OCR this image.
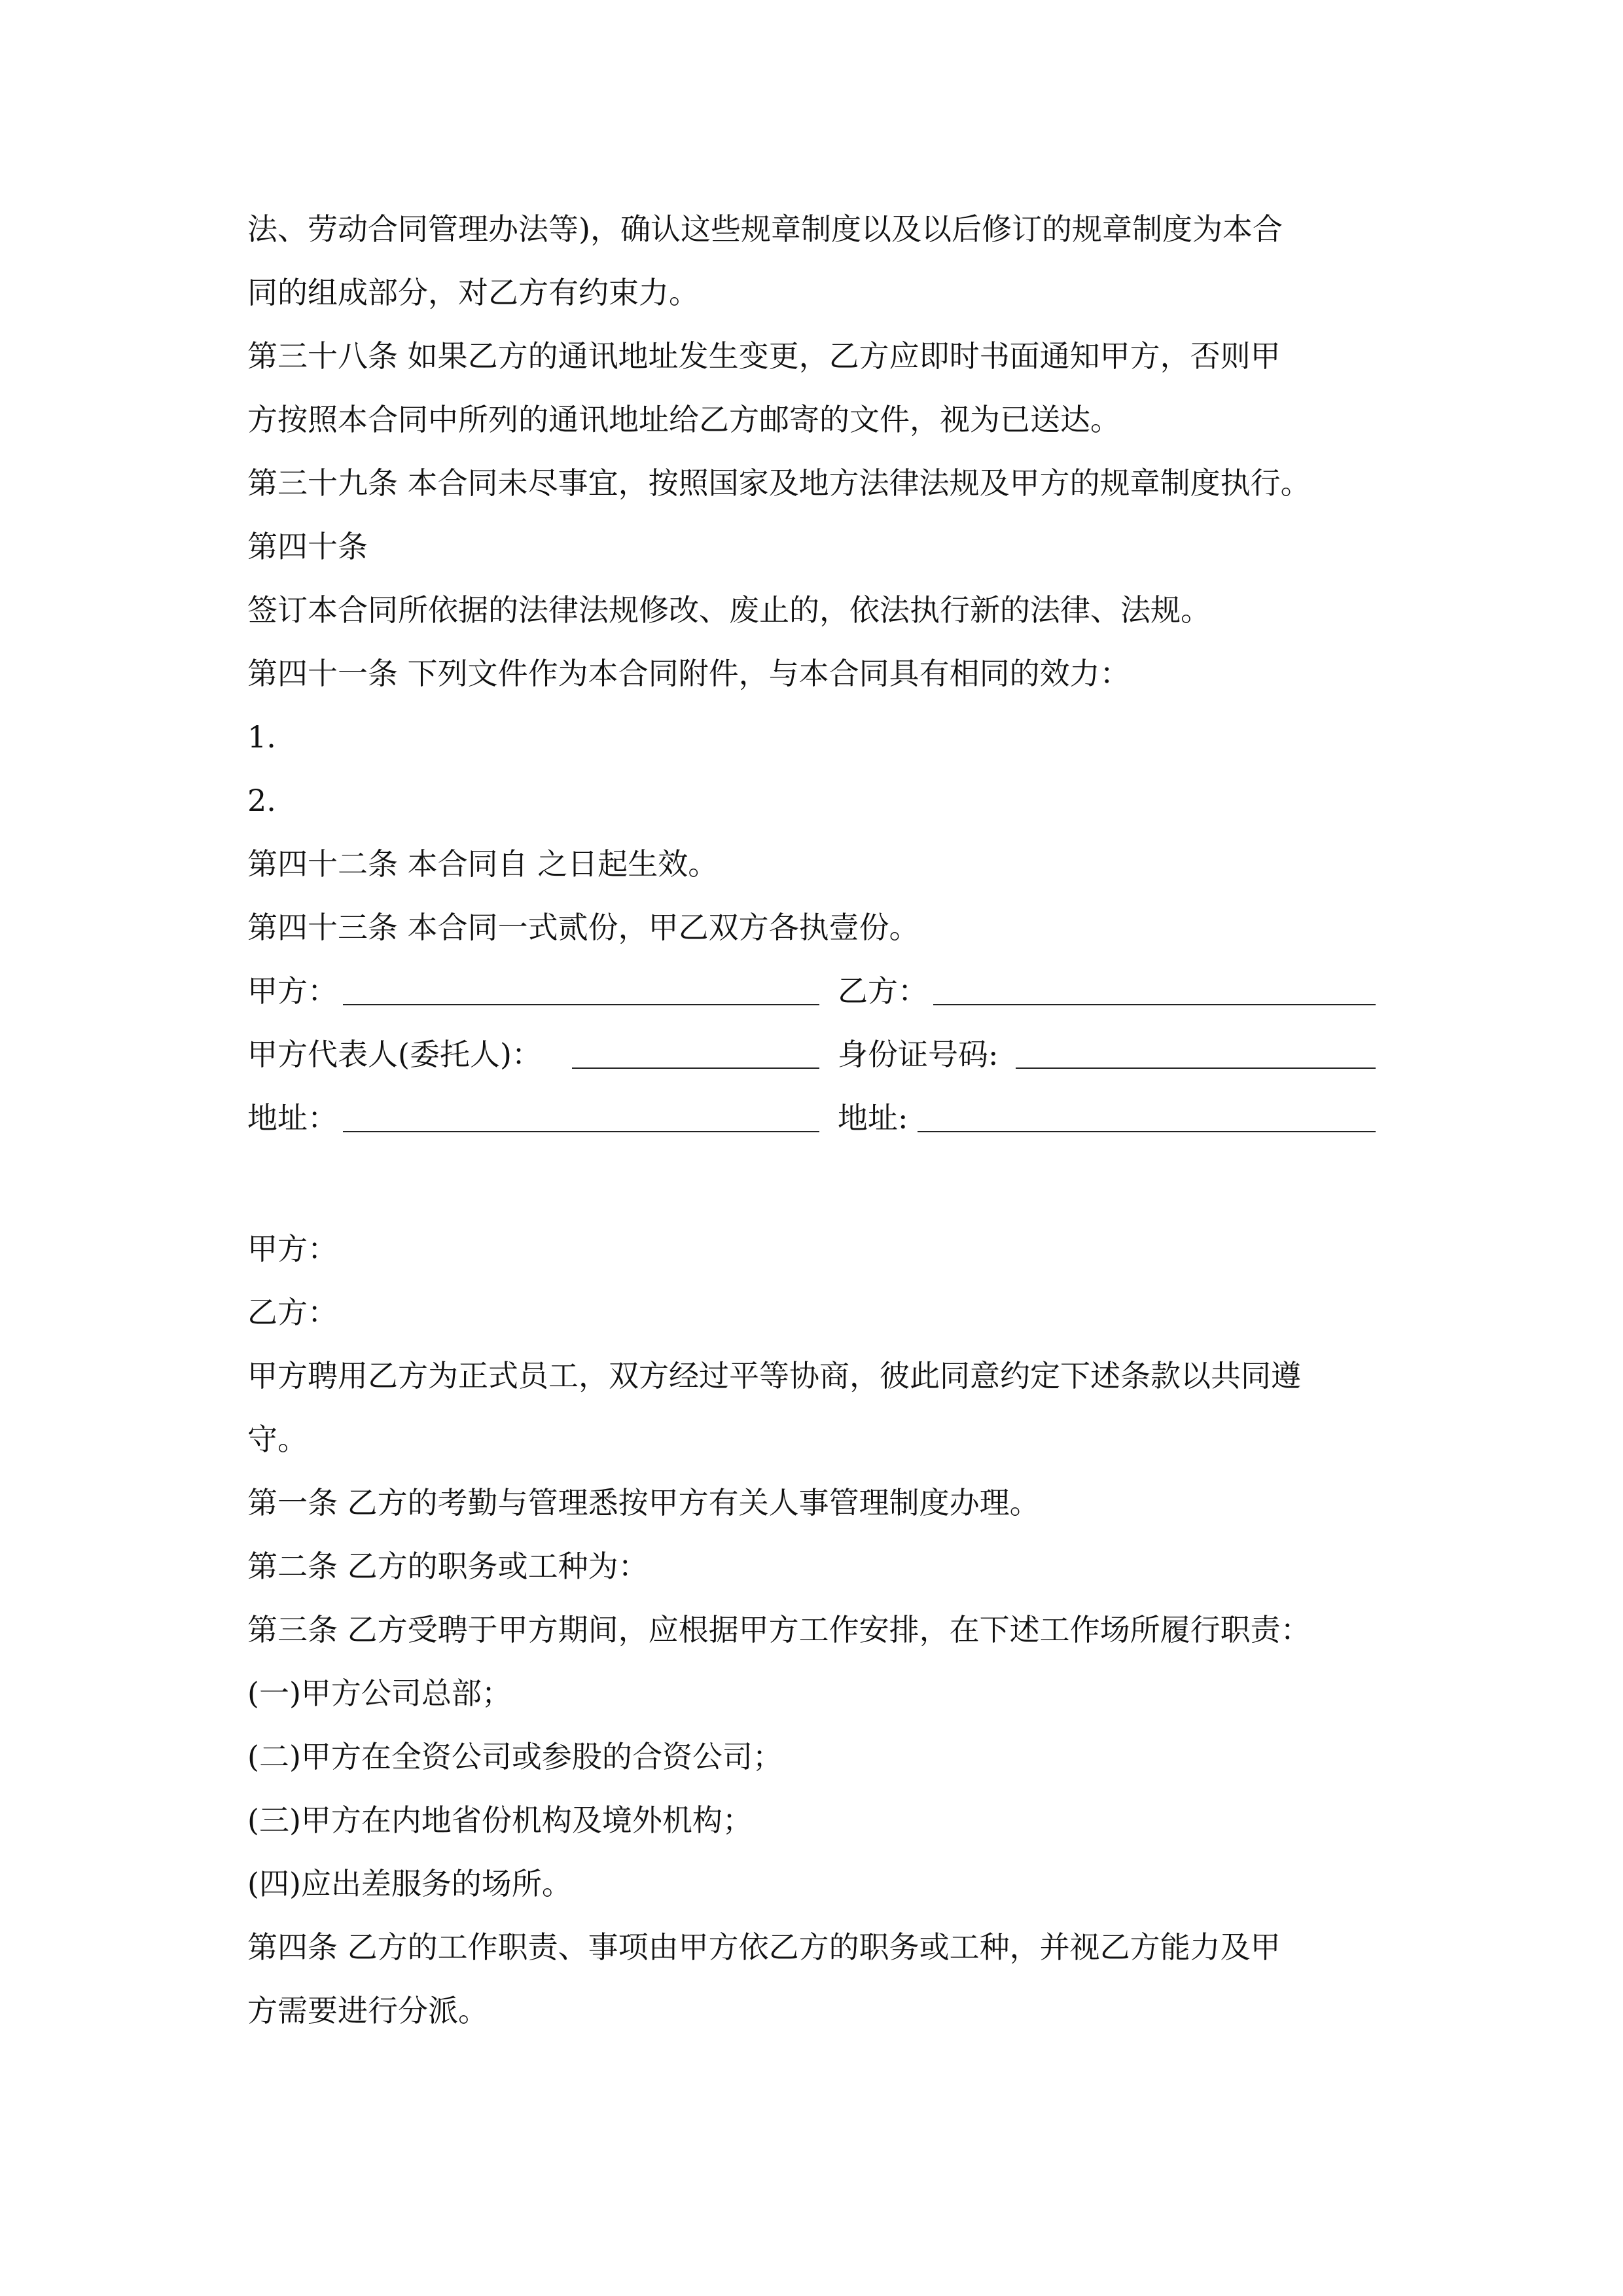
法、劳动合同管理办法等)，确认这些规章制度以及以后修订的规章制度为本合
同的组成部分，对乙方有约束力。
第三十八条 如果乙方的通讯地址发生变更，乙方应即时书面通知甲方，否则甲
方按照本合同中所列的通讯地址给乙方邮寄的文件，视为已送达。
第三十九条 本合同未尽事宜，按照国家及地方法律法规及甲方的规章制度执行。
第四十条
签订本合同所依据的法律法规修改、废止的，依法执行新的法律、法规。
第四十一条 下列文件作为本合同附件，与本合同具有相同的效力：
1.
2.
第四十二条 本合同自 之日起生效。
第四十三条 本合同一式贰份，甲乙双方各执壹份。
甲方：	乙方：
甲方代表人(委托人)：	身份证号码:
地址：	地址:
甲方：
乙方：
甲方聘用乙方为正式员工，双方经过平等协商，彼此同意约定下述条款以共同遵
守。
第一条 乙方的考勤与管理悉按甲方有关人事管理制度办理。
第二条 乙方的职务或工种为：
第三条 乙方受聘于甲方期间，应根据甲方工作安排，在下述工作场所履行职责：
(一)甲方公司总部；
(二)甲方在全资公司或参股的合资公司；
(三)甲方在内地省份机构及境外机构；
(四)应出差服务的场所。
第四条 乙方的工作职责、事项由甲方依乙方的职务或工种，并视乙方能力及甲
方需要进行分派。
